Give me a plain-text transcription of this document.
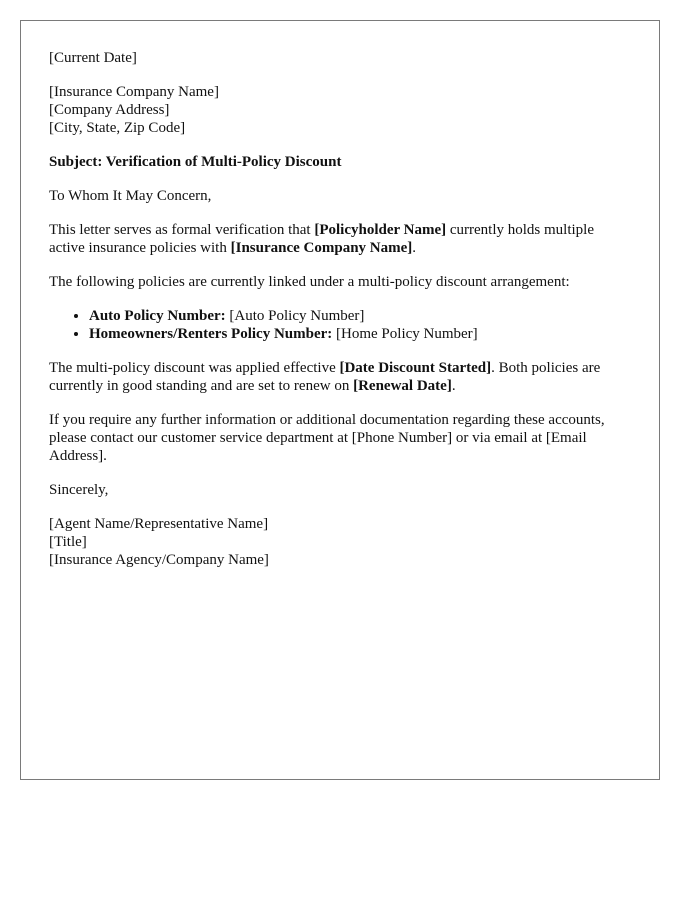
[Current Date]
[Insurance Company Name]
[Company Address]
[City, State, Zip Code]

Subject: Verification of Multi-Policy Discount

To Whom It May Concern,

This letter serves as formal verification that [Policyholder Name] currently holds multiple active insurance policies with [Insurance Company Name].

The following policies are currently linked under a multi-policy discount arrangement:

• Auto Policy Number: [Auto Policy Number]
• Homeowners/Renters Policy Number: [Home Policy Number]

The multi-policy discount was applied effective [Date Discount Started]. Both policies are currently in good standing and are set to renew on [Renewal Date].

If you require any further information or additional documentation regarding these accounts, please contact our customer service department at [Phone Number] or via email at [Email Address].

Sincerely,

[Agent Name/Representative Name]
[Title]
[Insurance Agency/Company Name]
